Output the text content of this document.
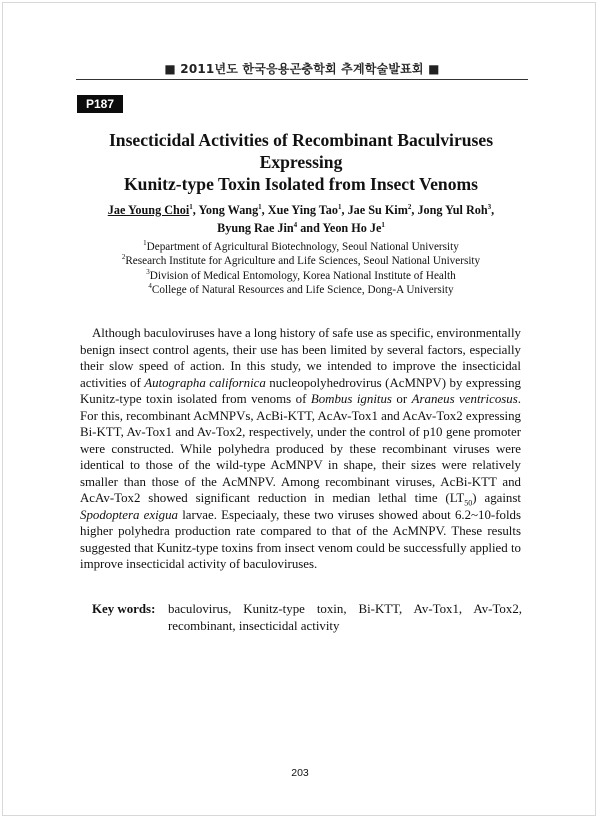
■ 2011년도 한국응용곤충학회 추계학술발표회 ■
P187
Insecticidal Activities of Recombinant Baculviruses Expressing
Kunitz-type Toxin Isolated from Insect Venoms
Jae Young Choi$^1$, Yong Wang$^1$, Xue Ying Tao$^1$, Jae Su Kim$^2$, Jong Yul Roh$^3$,
Byung Rae Jin$^4$ and Yeon Ho Je$^1$
$^1$Department of Agricultural Biotechnology, Seoul National University
$^2$Research Institute for Agriculture and Life Sciences, Seoul National University
$^3$Division of Medical Entomology, Korea National Institute of Health
$^4$College of Natural Resources and Life Science, Dong-A University

Although baculoviruses have a long history of safe use as specific, environmentally benign insect control agents, their use has been limited by several factors, especially their slow speed of action. In this study, we intended to improve the insecticidal activities of Autographa californica nucleopolyhedrovirus (AcMNPV) by expressing Kunitz-type toxin isolated from venoms of Bombus ignitus or Araneus ventricosus. For this, recombinant AcMNPVs, AcBi-KTT, AcAv-Tox1 and AcAv-Tox2 expressing Bi-KTT, Av-Tox1 and Av-Tox2, respectively, under the control of p10 gene promoter were constructed. While polyhedra produced by these recombinant viruses were identical to those of the wild-type AcMNPV in shape, their sizes were relatively smaller than those of the AcMNPV. Among recombinant viruses, AcBi-KTT and AcAv-Tox2 showed significant reduction in median lethal time $(LT_{50})$ against Spodoptera exigua larvae. Especiaaly, these two viruses showed about 6.2~10-folds higher polyhedra production rate compared to that of the AcMNPV. These results suggested that Kunitz-type toxins from insect venom could be successfully applied to improve insecticidal activity of baculoviruses.

Key words: baculovirus, Kunitz-type toxin, Bi-KTT, Av-Tox1, Av-Tox2, recombinant, insecticidal activity
203
